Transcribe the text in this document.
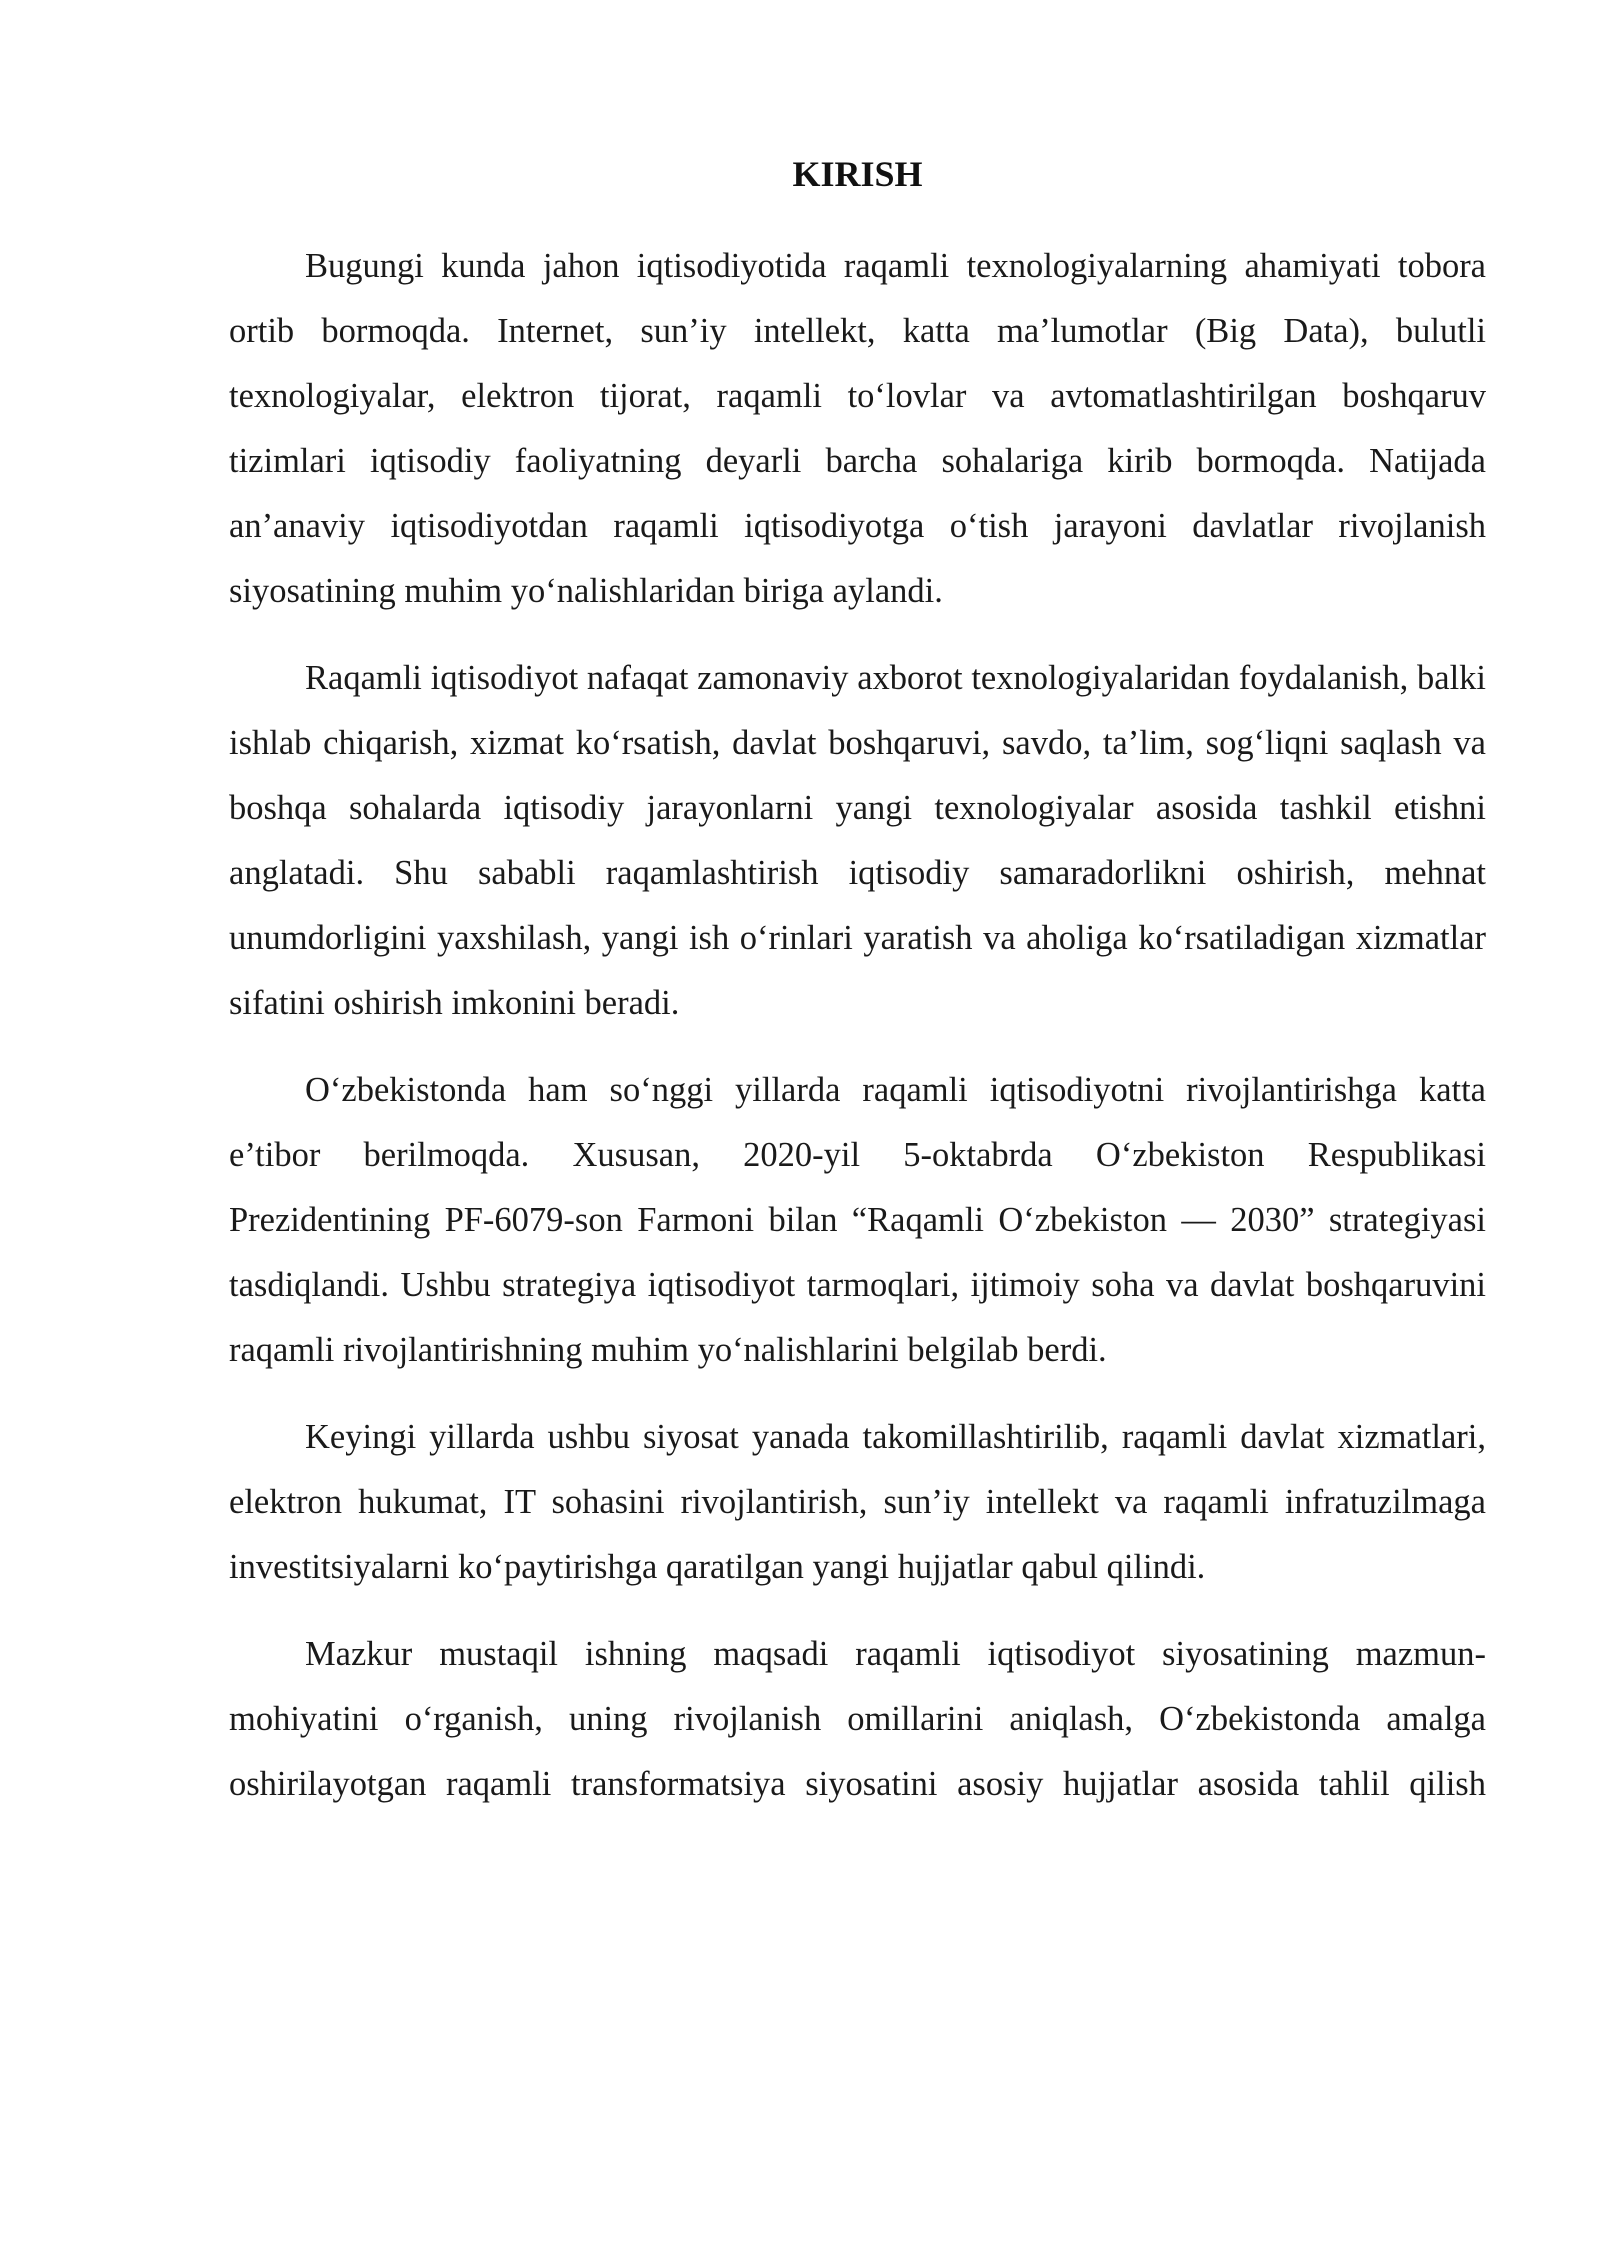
KIRISH

Bugungi kunda jahon iqtisodiyotida raqamli texnologiyalarning ahamiyati tobora ortib bormoqda. Internet, sun’iy intellekt, katta ma’lumotlar (Big Data), bulutli texnologiyalar, elektron tijorat, raqamli to‘lovlar va avtomatlashtirilgan boshqaruv tizimlari iqtisodiy faoliyatning deyarli barcha sohalariga kirib bormoqda. Natijada an’anaviy iqtisodiyotdan raqamli iqtisodiyotga o‘tish jarayoni davlatlar rivojlanish siyosatining muhim yo‘nalishlaridan biriga aylandi.

Raqamli iqtisodiyot nafaqat zamonaviy axborot texnologiyalaridan foydalanish, balki ishlab chiqarish, xizmat ko‘rsatish, davlat boshqaruvi, savdo, ta’lim, sog‘liqni saqlash va boshqa sohalarda iqtisodiy jarayonlarni yangi texnologiyalar asosida tashkil etishni anglatadi. Shu sababli raqamlashtirish iqtisodiy samaradorlikni oshirish, mehnat unumdorligini yaxshilash, yangi ish o‘rinlari yaratish va aholiga ko‘rsatiladigan xizmatlar sifatini oshirish imkonini beradi.

O‘zbekistonda ham so‘nggi yillarda raqamli iqtisodiyotni rivojlantirishga katta e’tibor berilmoqda. Xususan, 2020-yil 5-oktabrda O‘zbekiston Respublikasi Prezidentining PF-6079-son Farmoni bilan “Raqamli O‘zbekiston — 2030” strategiyasi tasdiqlandi. Ushbu strategiya iqtisodiyot tarmoqlari, ijtimoiy soha va davlat boshqaruvini raqamli rivojlantirishning muhim yo‘nalishlarini belgilab berdi.

Keyingi yillarda ushbu siyosat yanada takomillashtirilib, raqamli davlat xizmatlari, elektron hukumat, IT sohasini rivojlantirish, sun’iy intellekt va raqamli infratuzilmaga investitsiyalarni ko‘paytirishga qaratilgan yangi hujjatlar qabul qilindi.

Mazkur mustaqil ishning maqsadi raqamli iqtisodiyot siyosatining mazmun-mohiyatini o‘rganish, uning rivojlanish omillarini aniqlash, O‘zbekistonda amalga oshirilayotgan raqamli transformatsiya siyosatini asosiy hujjatlar asosida tahlil qilish
